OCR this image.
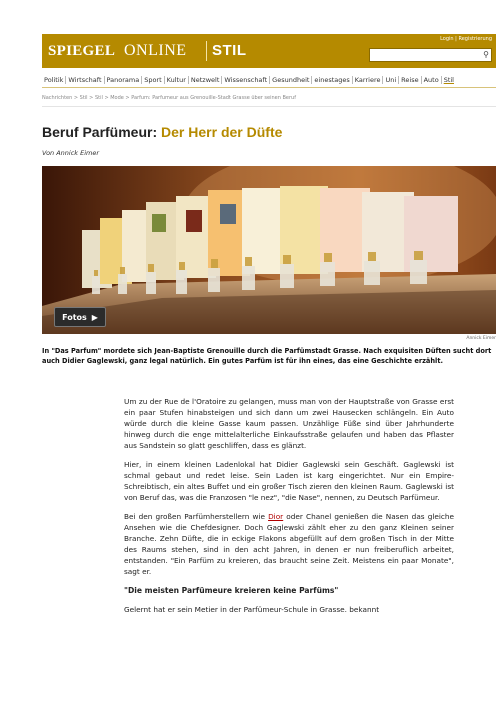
SPIEGEL ONLINE STIL
Login | Registrierung
⚲
Politik Wirtschaft Panorama Sport Kultur Netzwelt Wissenschaft Gesundheit einestages Karriere Uni Reise Auto Stil
Nachrichten > Stil > Stil > Mode > Parfum: Parfumeur aus Grenouille-Stadt Grasse über seinen Beruf
Beruf Parfümeur: Der Herr der Düfte
Von Annick Eimer
Fotos ▶
Annick Eimer
In "Das Parfum" mordete sich Jean-Baptiste Grenouille durch die Parfümstadt Grasse. Nach exquisiten Düften sucht dort auch Didier Gaglewski, ganz legal natürlich. Ein gutes Parfüm ist für ihn eines, das eine Geschichte erzählt.

Um zu der Rue de l'Oratoire zu gelangen, muss man von der Hauptstraße von Grasse erst ein paar Stufen hinabsteigen und sich dann um zwei Hausecken schlängeln. Ein Auto würde durch die kleine Gasse kaum passen. Unzählige Füße sind über Jahrhunderte hinweg durch die enge mittelalterliche Einkaufsstraße gelaufen und haben das Pflaster aus Sandstein so glatt geschliffen, dass es glänzt.

Hier, in einem kleinen Ladenlokal hat Didier Gaglewski sein Geschäft. Gaglewski ist schmal gebaut und redet leise. Sein Laden ist karg eingerichtet. Nur ein Empire-Schreibtisch, ein altes Buffet und ein großer Tisch zieren den kleinen Raum. Gaglewski ist von Beruf das, was die Franzosen "le nez", "die Nase", nennen, zu Deutsch Parfümeur.

Bei den großen Parfümherstellern wie Dior oder Chanel genießen die Nasen das gleiche Ansehen wie die Chefdesigner. Doch Gaglewski zählt eher zu den ganz Kleinen seiner Branche. Zehn Düfte, die in eckige Flakons abgefüllt auf dem großen Tisch in der Mitte des Raums stehen, sind in den acht Jahren, in denen er nun freiberuflich arbeitet, entstanden. "Ein Parfüm zu kreieren, das braucht seine Zeit. Meistens ein paar Monate", sagt er.

"Die meisten Parfümeure kreieren keine Parfüms"

Gelernt hat er sein Metier in der Parfümeur-Schule in Grasse. bekannt
